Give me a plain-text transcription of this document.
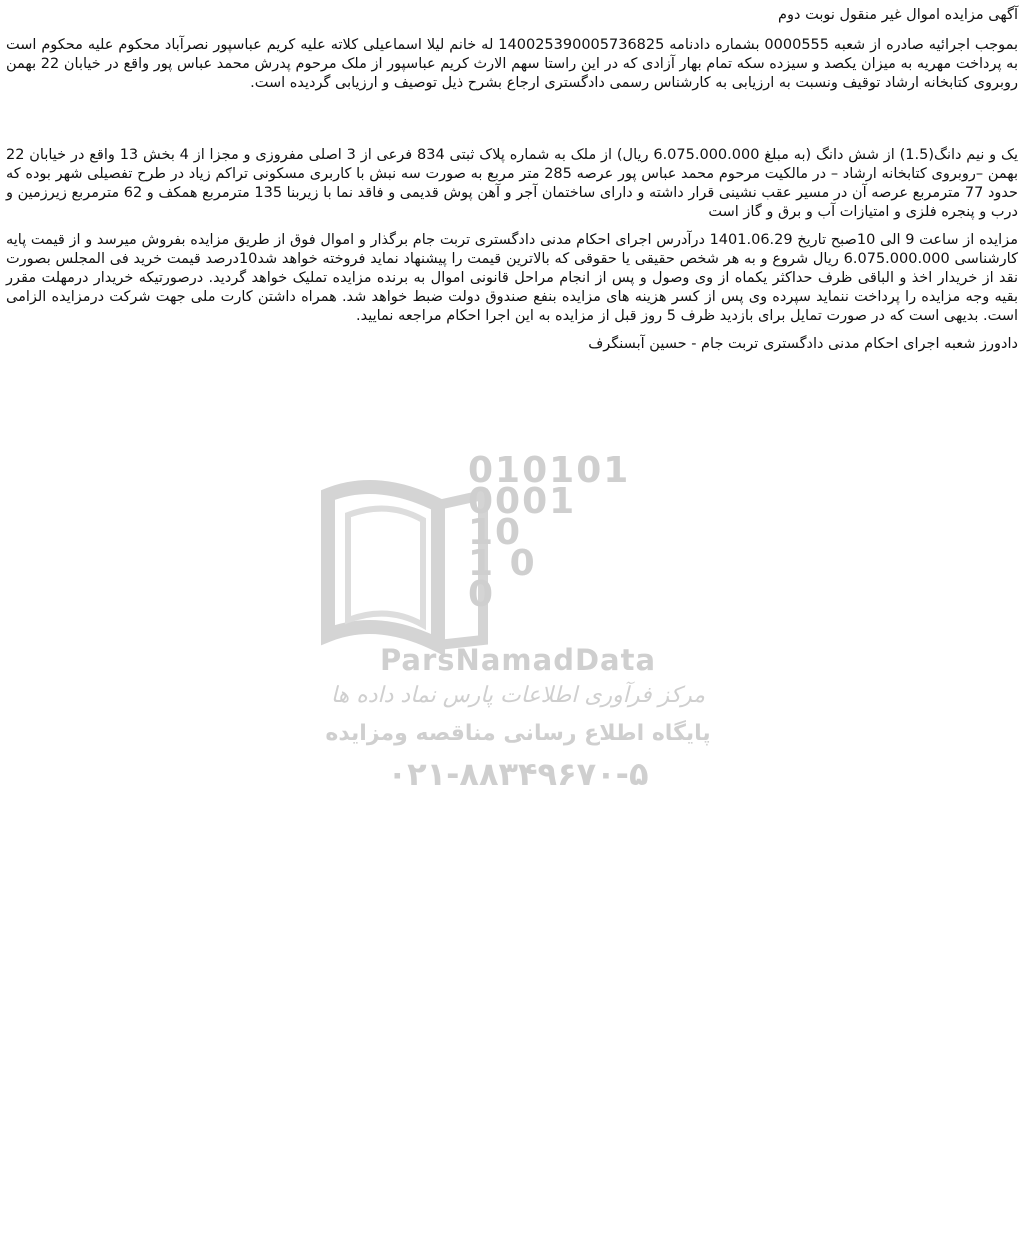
010101
0001
10
1 0
0
ParsNamadData
مرکز فرآوری اطلاعات پارس نماد داده ها
پایگاه اطلاع رسانی مناقصه ومزایده
۰۲۱-۸۸۳۴۹۶۷۰-۵

آگهی مزایده اموال غیر منقول نوبت دوم

بموجب اجرائیه صادره از شعبه 0000555 بشماره دادنامه 140025390005736825 له خانم لیلا اسماعیلی کلاته علیه کریم عباسپور نصرآباد محکوم علیه محکوم است به پرداخت مهریه به میزان یکصد و سیزده سکه تمام بهار آزادی که در این راستا سهم الارث کریم عباسپور از ملک مرحوم پدرش محمد عباس پور واقع در خیابان 22 بهمن روبروی کتابخانه ارشاد توقیف ونسبت به ارزیابی به کارشناس رسمی دادگستری ارجاع بشرح ذیل توصیف و ارزیابی گردیده است.

یک و نیم دانگ(1.5) از شش دانگ (به مبلغ 6.075.000.000 ریال) از ملک به شماره پلاک ثبتی 834 فرعی از 3 اصلی مفروزی و مجزا از 4 بخش 13 واقع در خیابان 22 بهمن –روبروی کتابخانه ارشاد – در مالکیت مرحوم محمد عباس پور عرصه 285 متر مربع به صورت سه نبش با کاربری مسکونی تراکم زیاد در طرح تفصیلی شهر بوده که حدود 77 مترمربع عرصه آن در مسیر عقب نشینی قرار داشته و دارای ساختمان آجر و آهن پوش قدیمی و فاقد نما با زیربنا 135 مترمربع همکف و 62 مترمربع زیرزمین و درب و پنجره فلزی و امتیازات آب و برق و گاز است

مزایده از ساعت 9 الی 10صبح تاریخ 1401.06.29 درآدرس اجرای احکام مدنی دادگستری تربت جام برگذار و اموال فوق از طریق مزایده بفروش میرسد و از قیمت پایه کارشناسی 6.075.000.000 ریال شروع و به هر شخص حقیقی یا حقوقی که بالاترین قیمت را پیشنهاد نماید فروخته خواهد شد10درصد قیمت خرید فی المجلس بصورت نقد از خریدار اخذ و الباقی ظرف حداکثر یکماه از وی وصول و پس از انجام مراحل قانونی اموال به برنده مزایده تملیک خواهد گردید. درصورتیکه خریدار درمهلت مقرر بقیه وجه مزایده را پرداخت ننماید سپرده وی پس از کسر هزینه های مزایده بنفع صندوق دولت ضبط خواهد شد. همراه داشتن کارت ملی جهت شرکت درمزایده الزامی است. بدیهی است که در صورت تمایل برای بازدید ظرف 5 روز قبل از مزایده به این اجرا احکام مراجعه نمایید.

دادورز شعبه اجرای احکام مدنی دادگستری تربت جام - حسین آبسنگرف
